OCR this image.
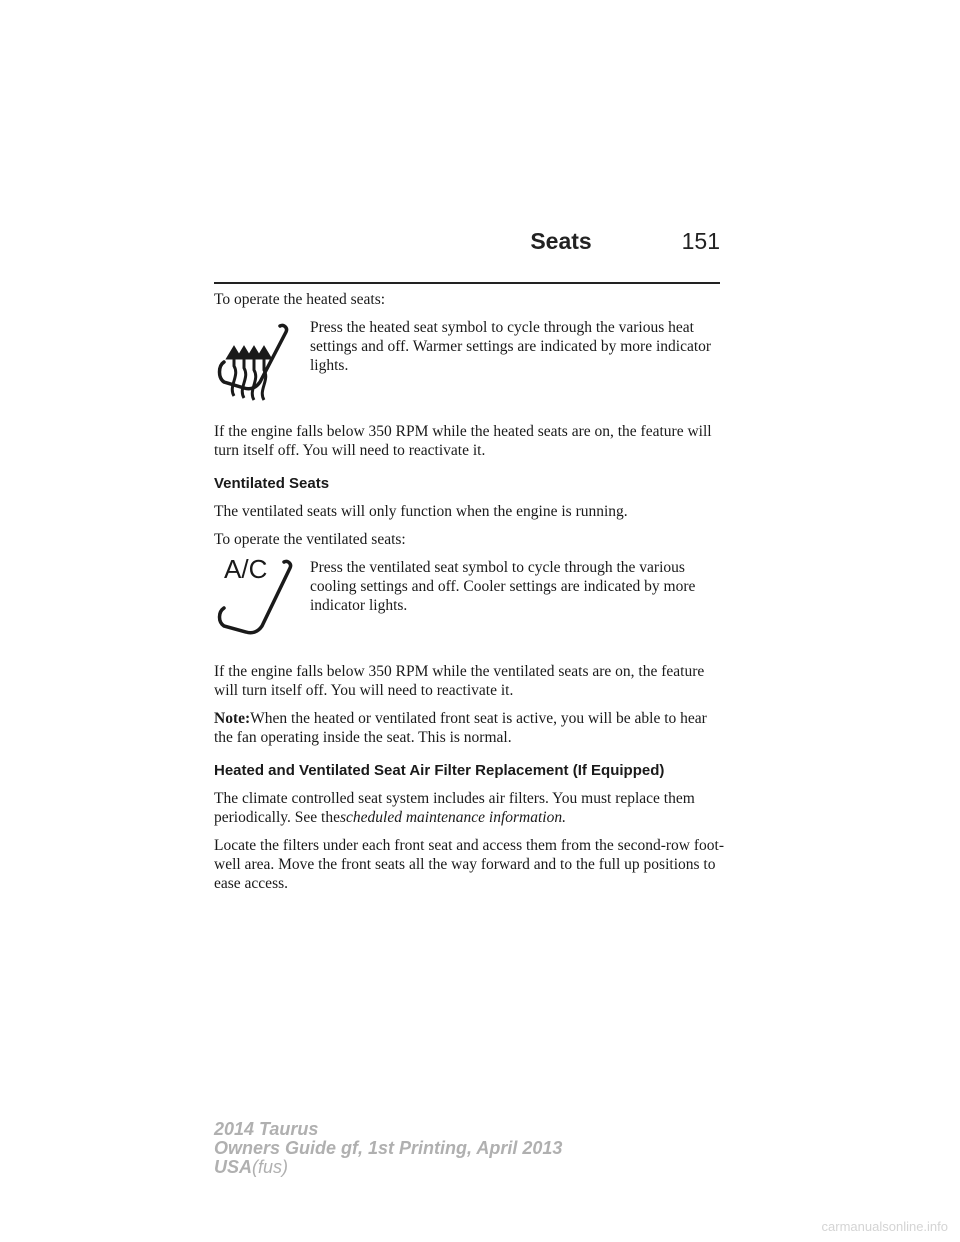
Seats	151

To operate the heated seats:

Press the heated seat symbol to cycle through the various heat settings and off. Warmer settings are indicated by more indicator lights.

If the engine falls below 350 RPM while the heated seats are on, the feature will turn itself off. You will need to reactivate it.

Ventilated Seats

The ventilated seats will only function when the engine is running.

To operate the ventilated seats:

A/C	Press the ventilated seat symbol to cycle through the various cooling settings and off. Cooler settings are indicated by more indicator lights.

If the engine falls below 350 RPM while the ventilated seats are on, the feature will turn itself off. You will need to reactivate it.

Note:When the heated or ventilated front seat is active, you will be able to hear the fan operating inside the seat. This is normal.

Heated and Ventilated Seat Air Filter Replacement (If Equipped)

The climate controlled seat system includes air filters. You must replace them periodically. See thescheduled maintenance information.

Locate the filters under each front seat and access them from the second-row foot-well area. Move the front seats all the way forward and to the full up positions to ease access.

2014 Taurus
Owners Guide gf, 1st Printing, April 2013
USA(fus)
carmanualsonline.info
